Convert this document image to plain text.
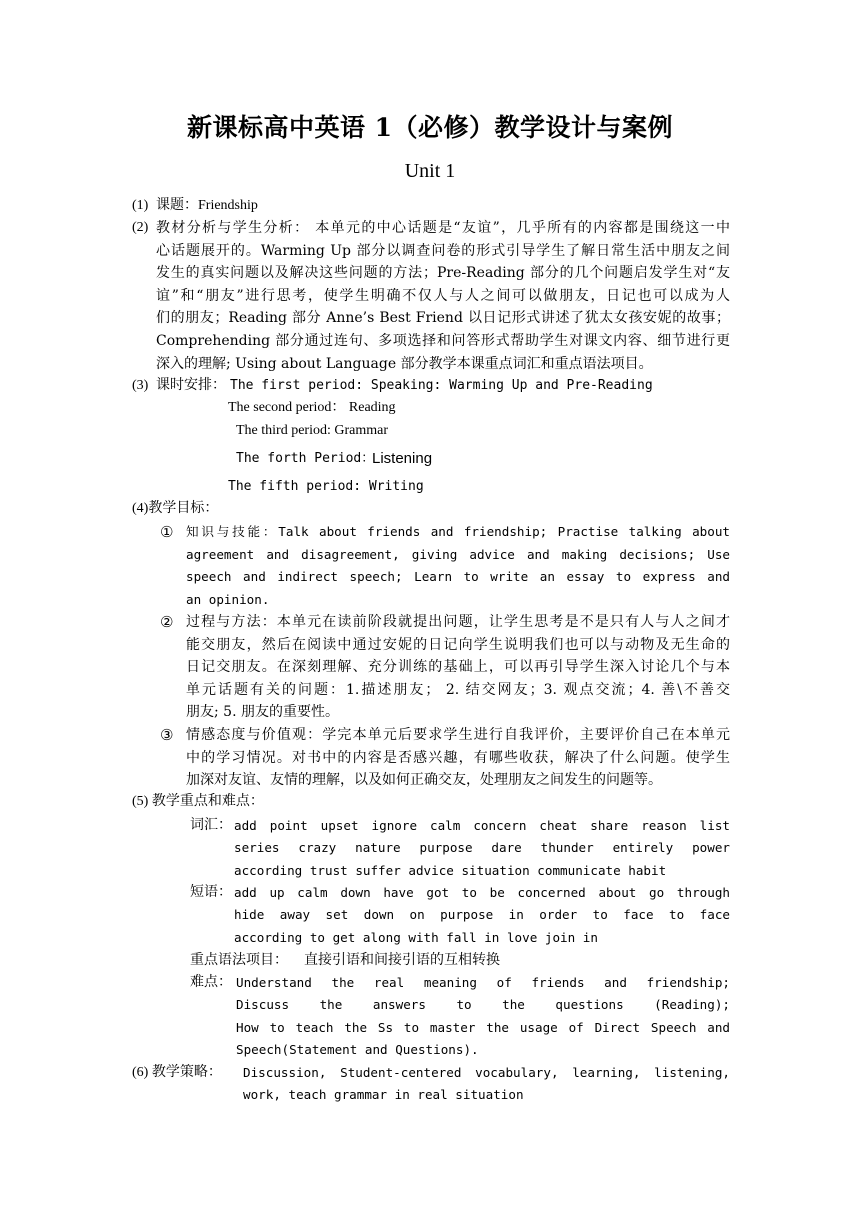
新课标高中英语 1（必修）教学设计与案例
Unit 1
(1) 课题：Friendship
(2) 教材分析与学生分析： 本单元的中心话题是“友谊”，几乎所有的内容都是围绕这一中
心话题展开的。Warming Up 部分以调查问卷的形式引导学生了解日常生活中朋友之间
发生的真实问题以及解决这些问题的方法；Pre-Reading 部分的几个问题启发学生对“友
谊”和“朋友”进行思考，使学生明确不仅人与人之间可以做朋友，日记也可以成为人
们的朋友；Reading 部分 Anne’s Best Friend 以日记形式讲述了犹太女孩安妮的故事；
Comprehending 部分通过连句、多项选择和问答形式帮助学生对课文内容、细节进行更
深入的理解; Using about Language 部分教学本课重点词汇和重点语法项目。
(3) 课时安排： The first period: Speaking: Warming Up and Pre-Reading
The second period： Reading
The third period: Grammar
The forth Period：
Listening
The fifth period: Writing
(4)教学目标：
① 知识与技能：Talk about friends and friendship; Practise talking about
agreement and disagreement, giving advice and making decisions; Use
speech and indirect speech; Learn to write an essay to express and
an opinion.
② 过程与方法：本单元在读前阶段就提出问题，让学生思考是不是只有人与人之间才
能交朋友，然后在阅读中通过安妮的日记向学生说明我们也可以与动物及无生命的
日记交朋友。在深刻理解、充分训练的基础上，可以再引导学生深入讨论几个与本
单元话题有关的问题：1.描述朋友； 2. 结交网友；3. 观点交流；4. 善\不善交
朋友; 5. 朋友的重要性。
③ 情感态度与价值观：学完本单元后要求学生进行自我评价，主要评价自己在本单元
中的学习情况。对书中的内容是否感兴趣，有哪些收获，解决了什么问题。使学生
加深对友谊、友情的理解，以及如何正确交友，处理朋友之间发生的问题等。
(5) 教学重点和难点：
词汇： add point upset ignore calm concern cheat share reason list
series crazy nature purpose dare thunder entirely power
according trust suffer advice situation communicate habit
短语： add up calm down have got to be concerned about go through
hide away set down on purpose in order to face to face
according to get along with fall in love join in
重点语法项目： 直接引语和间接引语的互相转换
难点： Understand the real meaning of friends and friendship;
Discuss the answers to the questions (Reading);
How to teach the Ss to master the usage of Direct Speech and
Speech(Statement and Questions).
(6) 教学策略： Discussion, Student-centered vocabulary, learning, listening,
work, teach grammar in real situation
